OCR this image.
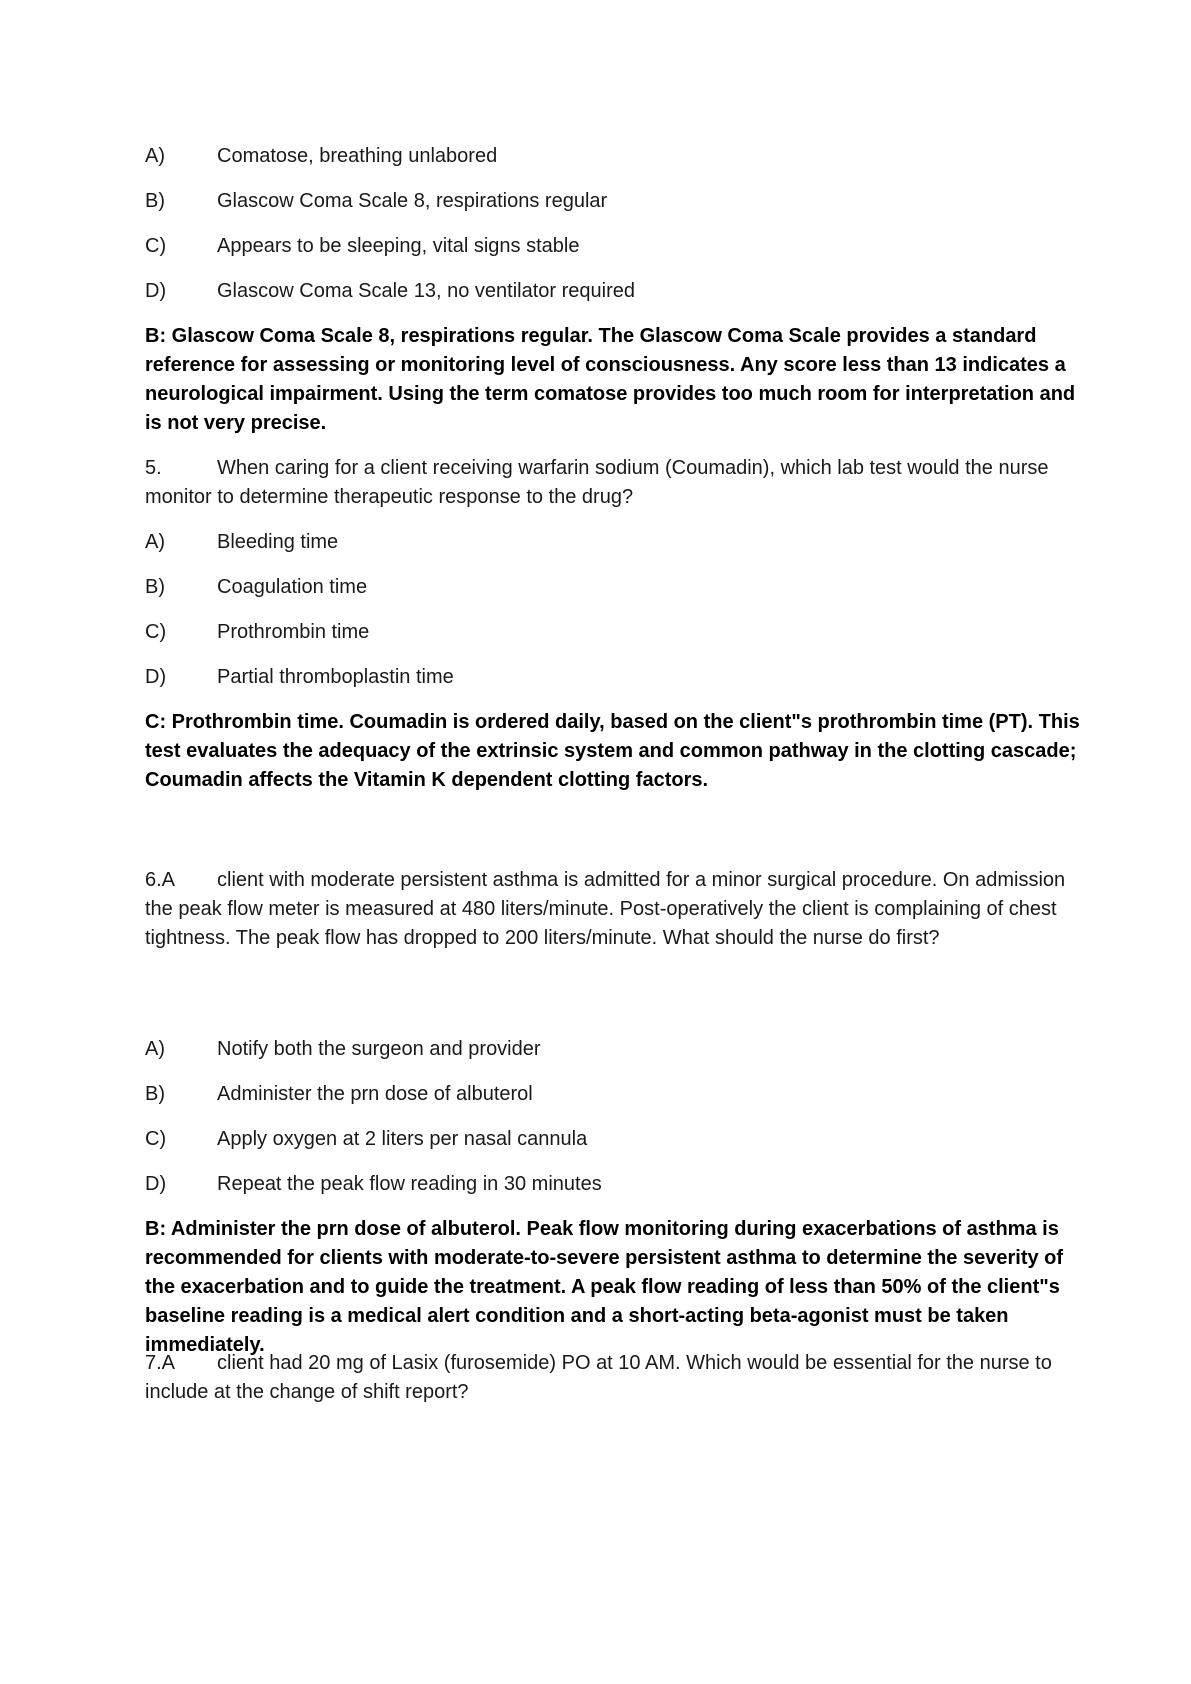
A)	Comatose, breathing unlabored
B)	Glascow Coma Scale 8, respirations regular
C)	Appears to be sleeping, vital signs stable
D)	Glascow Coma Scale 13, no ventilator required

B: Glascow Coma Scale 8, respirations regular. The Glascow Coma Scale provides a standard reference for assessing or monitoring level of consciousness. Any score less than 13 indicates a neurological impairment. Using the term comatose provides too much room for interpretation and is not very precise.

5.	When caring for a client receiving warfarin sodium (Coumadin), which lab test would the nurse monitor to determine therapeutic response to the drug?

A)	Bleeding time
B)	Coagulation time
C)	Prothrombin time
D)	Partial thromboplastin time

C: Prothrombin time. Coumadin is ordered daily, based on the client"s prothrombin time (PT). This test evaluates the adequacy of the extrinsic system and common pathway in the clotting cascade; Coumadin affects the Vitamin K dependent clotting factors.

6.A client with moderate persistent asthma is admitted for a minor surgical procedure. On admission the peak flow meter is measured at 480 liters/minute. Post-operatively the client is complaining of chest tightness. The peak flow has dropped to 200 liters/minute. What should the nurse do first?

A)	Notify both the surgeon and provider
B)	Administer the prn dose of albuterol
C)	Apply oxygen at 2 liters per nasal cannula
D)	Repeat the peak flow reading in 30 minutes

B: Administer the prn dose of albuterol. Peak flow monitoring during exacerbations of asthma is recommended for clients with moderate-to-severe persistent asthma to determine the severity of the exacerbation and to guide the treatment. A peak flow reading of less than 50% of the client"s baseline reading is a medical alert condition and a short-acting beta-agonist must be taken immediately.

7.A client had 20 mg of Lasix (furosemide) PO at 10 AM. Which would be essential for the nurse to include at the change of shift report?
